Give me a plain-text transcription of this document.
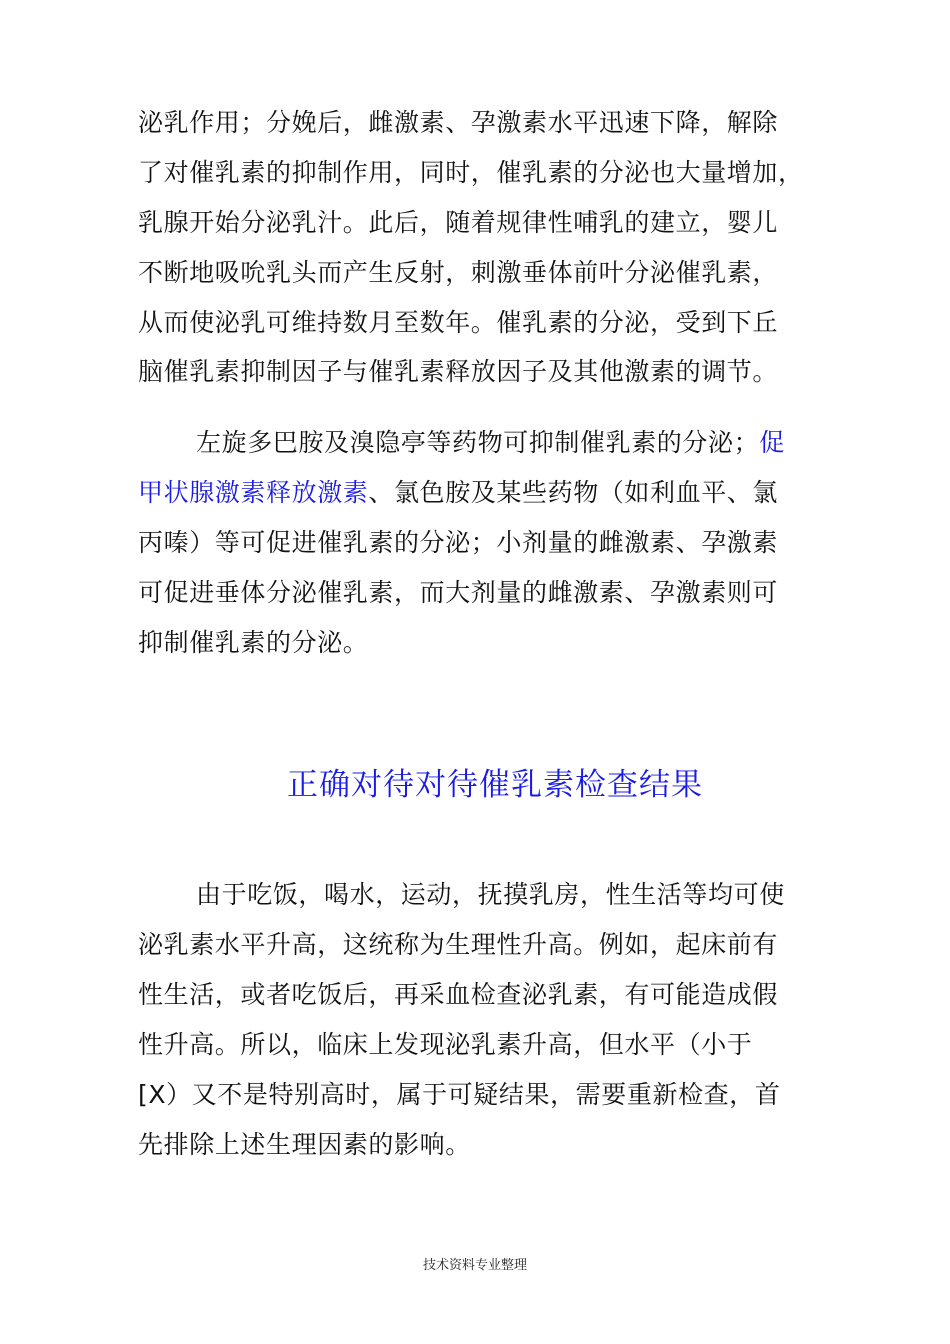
泌乳作用；分娩后，雌激素、孕激素水平迅速下降，解除
了对催乳素的抑制作用，同时，催乳素的分泌也大量增加，
乳腺开始分泌乳汁。此后，随着规律性哺乳的建立，婴儿
不断地吸吮乳头而产生反射，刺激垂体前叶分泌催乳素，
从而使泌乳可维持数月至数年。催乳素的分泌，受到下丘
脑催乳素抑制因子与催乳素释放因子及其他激素的调节。
左旋多巴胺及溴隐亭等药物可抑制催乳素的分泌；促
甲状腺激素释放激素、氯色胺及某些药物（如利血平、氯
丙嗪）等可促进催乳素的分泌；小剂量的雌激素、孕激素
可促进垂体分泌催乳素，而大剂量的雌激素、孕激素则可
抑制催乳素的分泌。
正确对待对待催乳素检查结果
由于吃饭，喝水，运动，抚摸乳房，性生活等均可使
泌乳素水平升高，这统称为生理性升高。例如，起床前有
性生活，或者吃饭后，再采血检查泌乳素，有可能造成假
性升高。所以，临床上发现泌乳素升高，但水平（小于
[X）又不是特别高时，属于可疑结果，需要重新检查，首
先排除上述生理因素的影响。
技术资料专业整理
